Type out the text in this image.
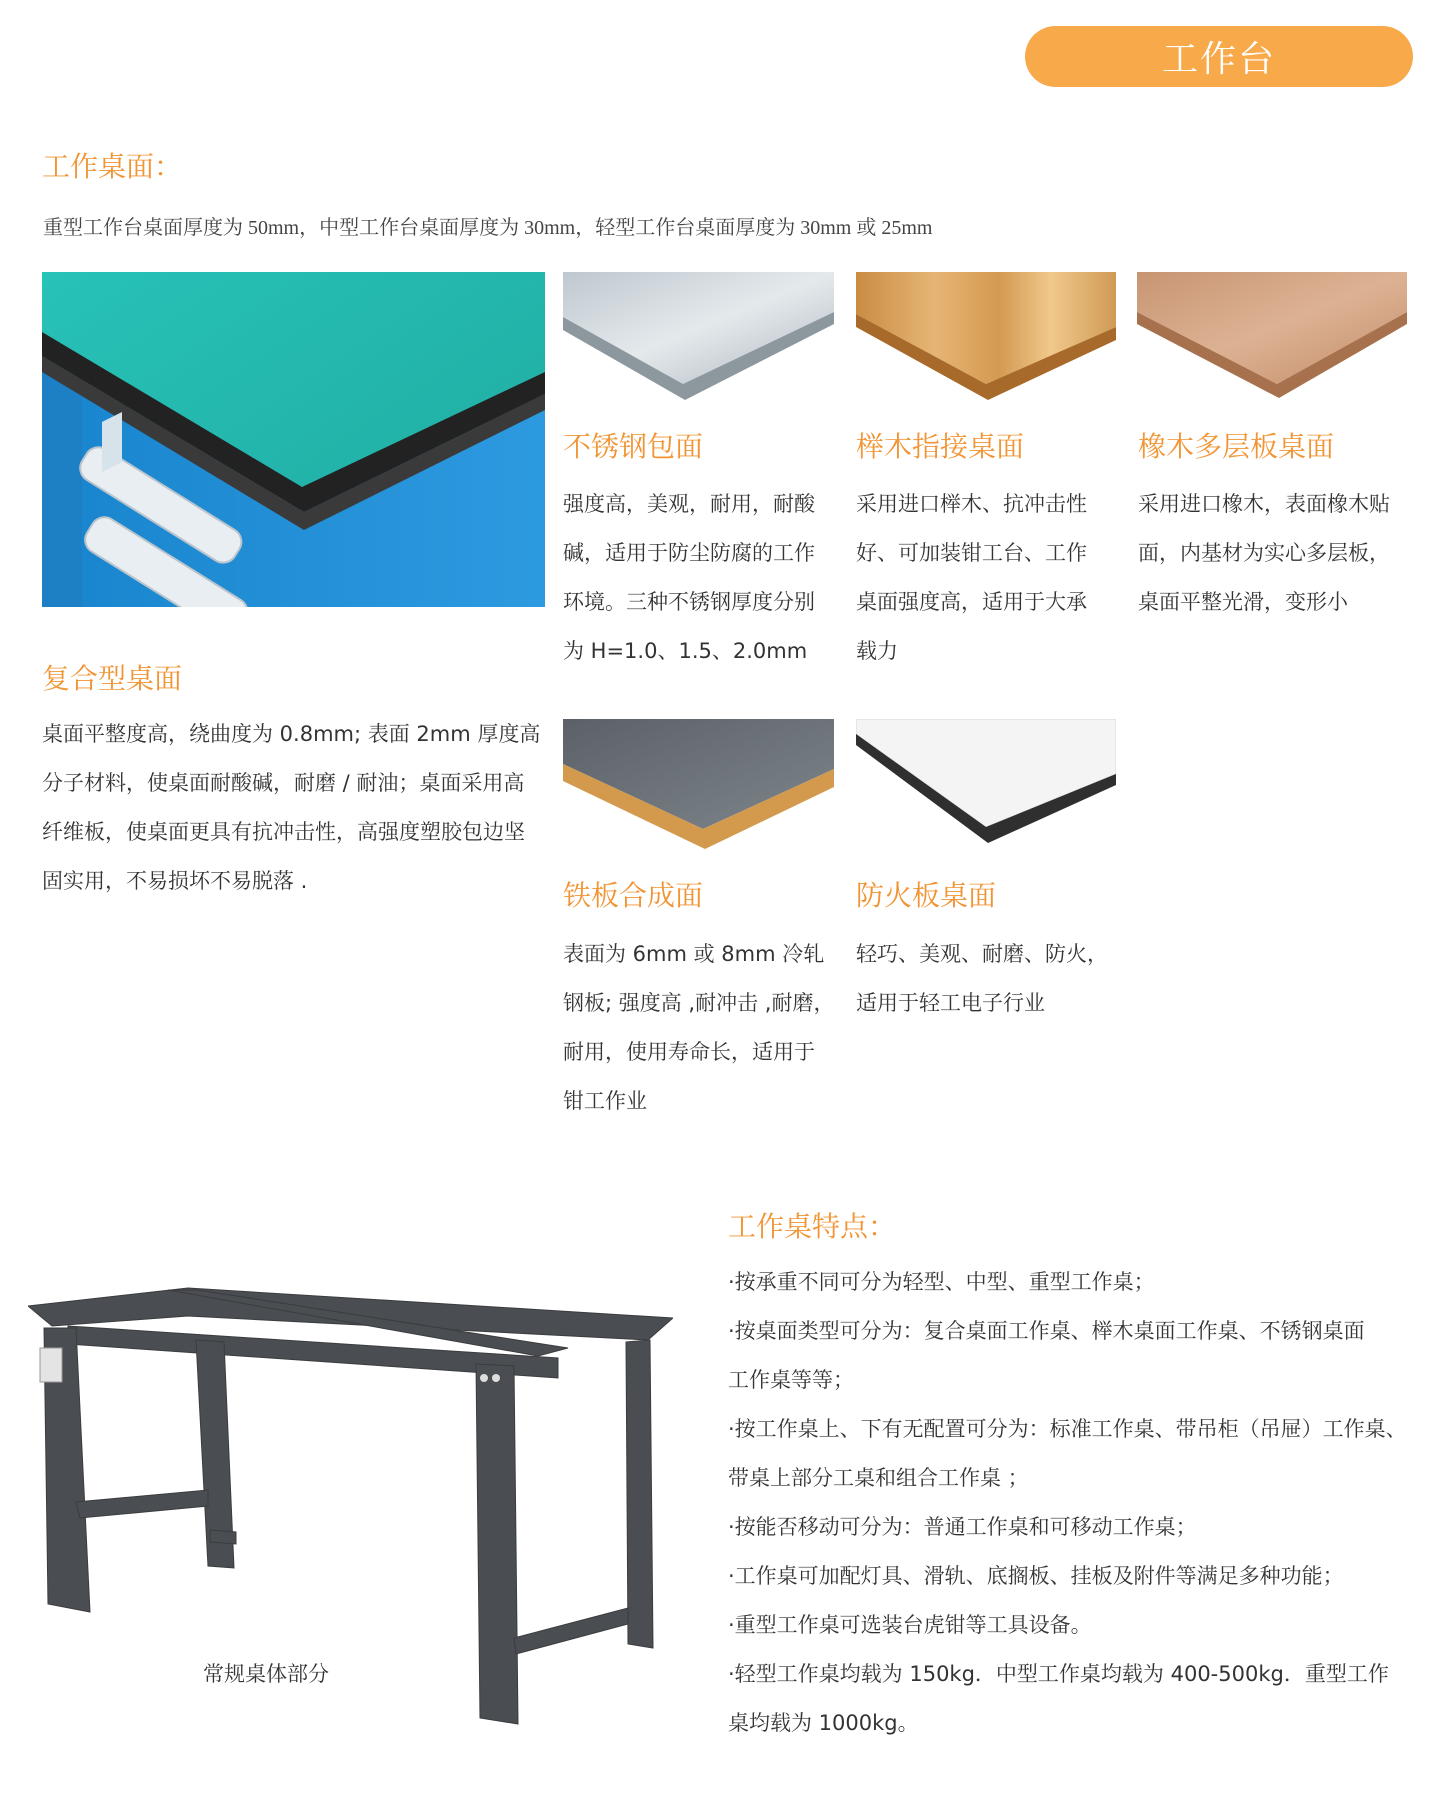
工作台
工作桌面：
重型工作台桌面厚度为 50mm，中型工作台桌面厚度为 30mm，轻型工作台桌面厚度为 30mm 或 25mm
复合型桌面
桌面平整度高，绕曲度为 0.8mm; 表面 2mm 厚度高
分子材料，使桌面耐酸碱，耐磨 / 耐油；桌面采用高
纤维板，使桌面更具有抗冲击性，高强度塑胶包边坚
固实用，不易损坏不易脱落 .
不锈钢包面
强度高，美观，耐用，耐酸
碱，适用于防尘防腐的工作
环境。三种不锈钢厚度分别
为 H=1.0、1.5、2.0mm
榉木指接桌面
采用进口榉木、抗冲击性
好、可加装钳工台、工作
桌面强度高，适用于大承
载力
橡木多层板桌面
采用进口橡木，表面橡木贴
面，内基材为实心多层板，
桌面平整光滑，变形小
铁板合成面
表面为 6mm 或 8mm 冷轧
钢板; 强度高 ,耐冲击 ,耐磨，
耐用，使用寿命长，适用于
钳工作业
防火板桌面
轻巧、美观、耐磨、防火，
适用于轻工电子行业
常规桌体部分
工作桌特点：
·按承重不同可分为轻型、中型、重型工作桌；
·按桌面类型可分为：复合桌面工作桌、榉木桌面工作桌、不锈钢桌面
工作桌等等；
·按工作桌上、下有无配置可分为：标准工作桌、带吊柜（吊屉）工作桌、
带桌上部分工桌和组合工作桌 ；
·按能否移动可分为：普通工作桌和可移动工作桌；
·工作桌可加配灯具、滑轨、底搁板、挂板及附件等满足多种功能；
·重型工作桌可选装台虎钳等工具设备。
·轻型工作桌均载为 150kg．中型工作桌均载为 400-500kg．重型工作
桌均载为 1000kg。
